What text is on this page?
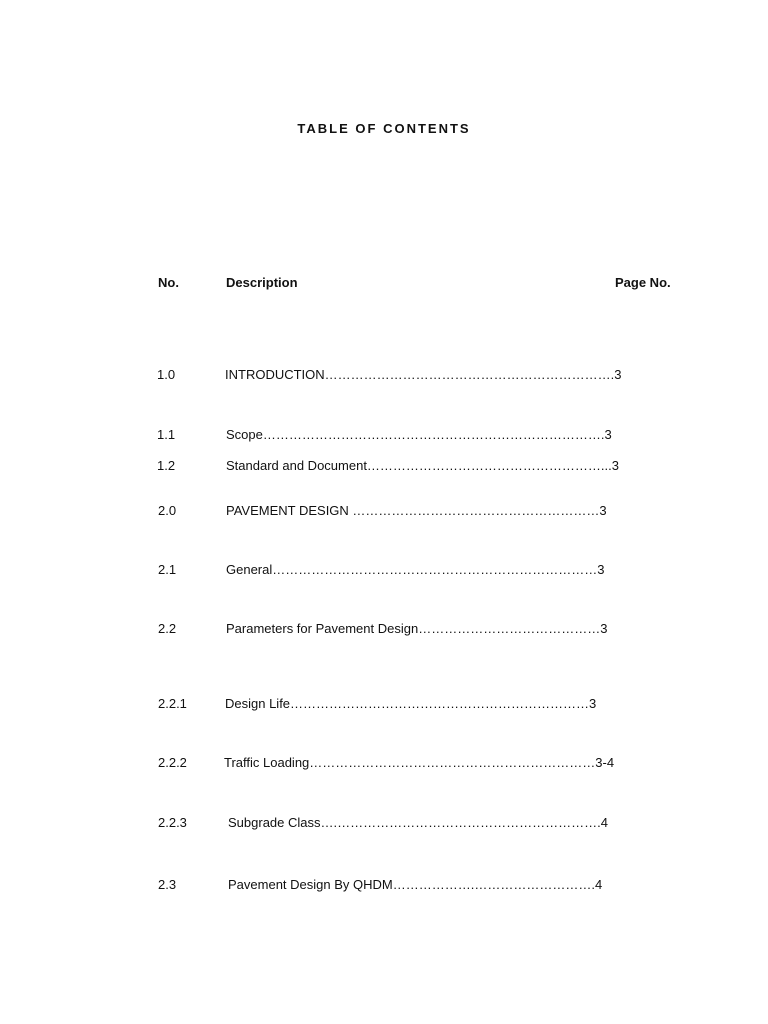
TABLE OF CONTENTS
No.	Description	Page No.
1.0	INTRODUCTION………………………………………………………….3
1.1	Scope…………………………………………………………………….3
1.2	Standard and Document………………………………………………...3
2.0	PAVEMENT DESIGN …………………………………………………3
2.1	General…………………………………………………………………3
2.2	Parameters for Pavement Design……………………………………3
2.2.1	Design Life……………………………………………………………3
2.2.2	Traffic Loading…………………………………………………………3-4
2.2.3	Subgrade Class….…………………………………………………….4
2.3	Pavement Design By QHDM……………….……………………….4
